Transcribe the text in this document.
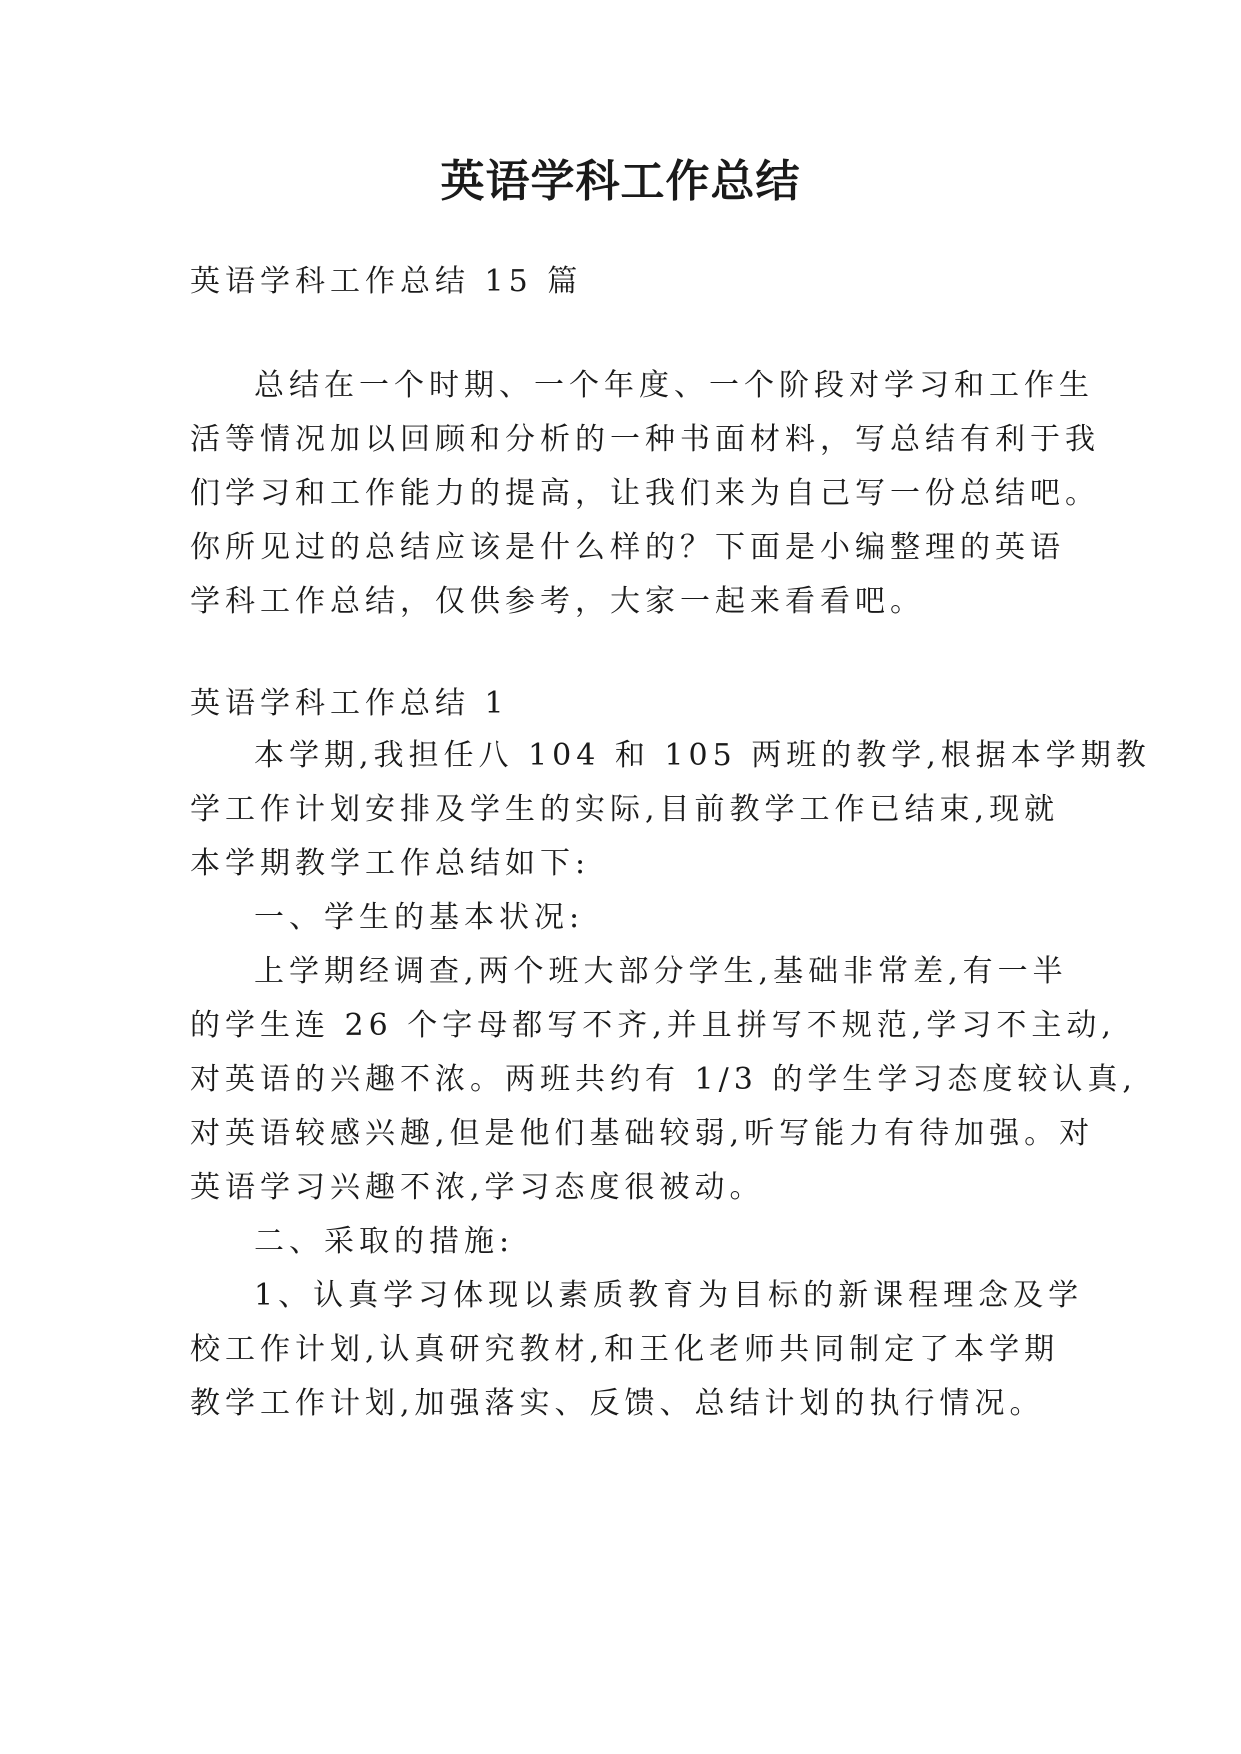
英语学科工作总结
英语学科工作总结 15 篇
总结在一个时期、一个年度、一个阶段对学习和工作生
活等情况加以回顾和分析的一种书面材料，写总结有利于我
们学习和工作能力的提高，让我们来为自己写一份总结吧。
你所见过的总结应该是什么样的？下面是小编整理的英语
学科工作总结，仅供参考，大家一起来看看吧。
英语学科工作总结 1
本学期,我担任八 104 和 105 两班的教学,根据本学期教
学工作计划安排及学生的实际,目前教学工作已结束,现就
本学期教学工作总结如下:
一、学生的基本状况:
上学期经调查,两个班大部分学生,基础非常差,有一半
的学生连 26 个字母都写不齐,并且拼写不规范,学习不主动,
对英语的兴趣不浓。两班共约有 1/3 的学生学习态度较认真,
对英语较感兴趣,但是他们基础较弱,听写能力有待加强。对
英语学习兴趣不浓,学习态度很被动。
二、采取的措施:
1、认真学习体现以素质教育为目标的新课程理念及学
校工作计划,认真研究教材,和王化老师共同制定了本学期
教学工作计划,加强落实、反馈、总结计划的执行情况。
